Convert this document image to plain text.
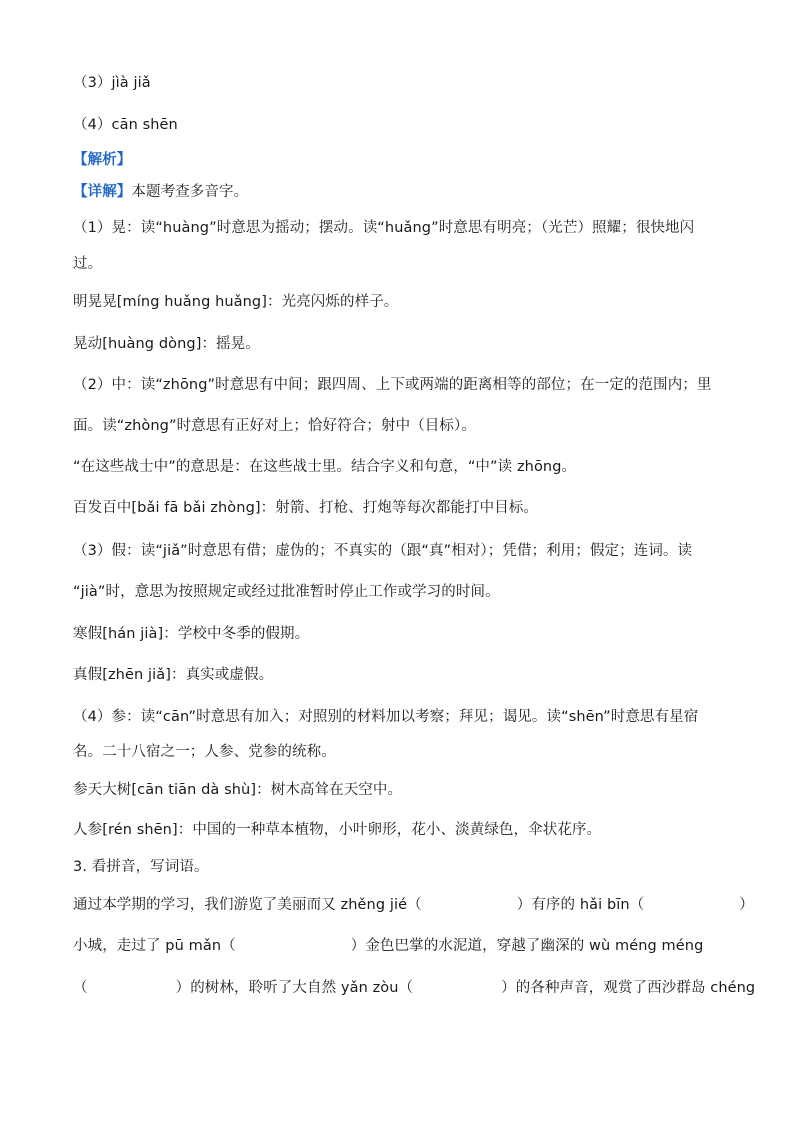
（3）jìà jiǎ
（4）cān shēn
【解析】
【详解】本题考查多音字。
（1）晃：读“huàng”时意思为摇动；摆动。读“huǎng”时意思有明亮；（光芒）照耀；很快地闪
过。
明晃晃[míng huǎng huǎng]：光亮闪烁的样子。
晃动[huàng dòng]：摇晃。
（2）中：读“zhōng”时意思有中间；跟四周、上下或两端的距离相等的部位；在一定的范围内；里
面。读“zhòng”时意思有正好对上；恰好符合；射中（目标）。
“在这些战士中”的意思是：在这些战士里。结合字义和句意，“中”读 zhōng。
百发百中[bǎi fā bǎi zhòng]：射箭、打枪、打炮等每次都能打中目标。
（3）假：读“jiǎ”时意思有借；虚伪的；不真实的（跟“真”相对）；凭借；利用；假定；连词。读
“jià”时，意思为按照规定或经过批准暂时停止工作或学习的时间。
寒假[hán jià]：学校中冬季的假期。
真假[zhēn jiǎ]：真实或虚假。
（4）参：读“cān”时意思有加入；对照别的材料加以考察；拜见；谒见。读“shēn”时意思有星宿
名。二十八宿之一；人参、党参的统称。
参天大树[cān tiān dà shù]：树木高耸在天空中。
人参[rén shēn]：中国的一种草本植物，小叶卵形，花小、淡黄绿色，伞状花序。
3. 看拼音，写词语。
通过本学期的学习，我们游览了美丽而又 zhěng jié（	）有序的 hǎi bīn（	）
小城，走过了 pū mǎn（	）金色巴掌的水泥道，穿越了幽深的 wù méng méng
（	）的树林，聆听了大自然 yǎn zòu（	）的各种声音，观赏了西沙群岛 chéng
